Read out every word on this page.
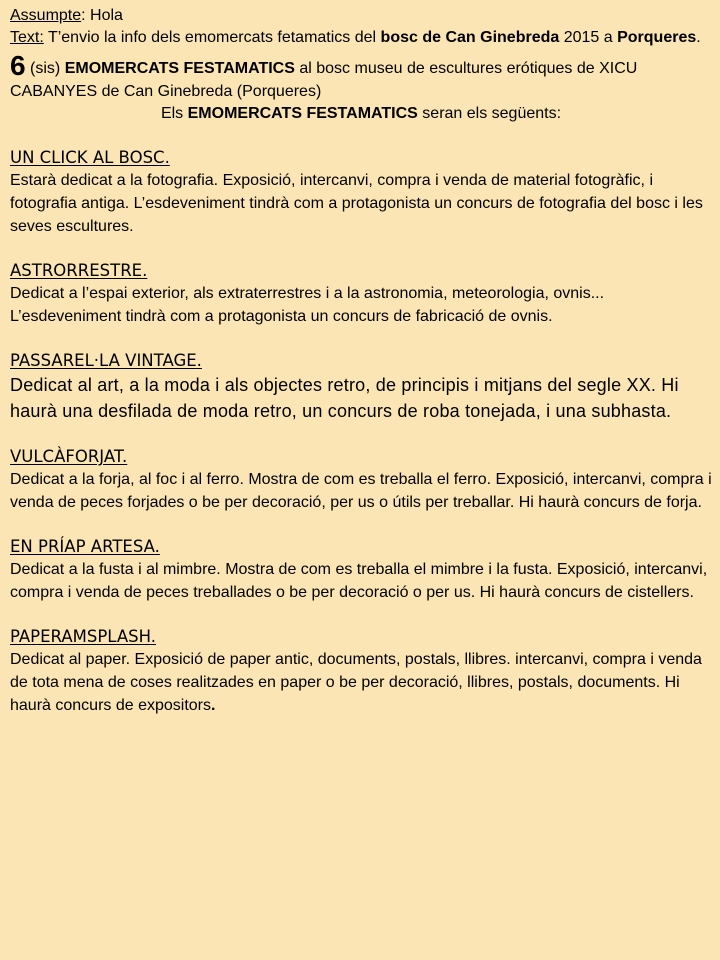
Assumpte: Hola

Text: T’envio la info dels emomercats fetamatics del bosc de Can Ginebreda 2015 a Porqueres.

6 (sis) EMOMERCATS FESTAMATICS al bosc museu de escultures erótiques de XICU CABANYES de Can Ginebreda (Porqueres)

Els EMOMERCATS FESTAMATICS seran els següents:

UN CLICK AL BOSC.

Estarà dedicat a la fotografia. Exposició, intercanvi, compra i venda de material fotogràfic, i fotografia antiga. L’esdeveniment tindrà com a protagonista un concurs de fotografia del bosc i les seves escultures.

ASTRORRESTRE.

Dedicat a l’espai exterior, als extraterrestres i a la astronomia, meteorologia, ovnis... L’esdeveniment tindrà com a protagonista un concurs de fabricació de ovnis.

PASSAREL·LA VINTAGE.

Dedicat al art, a la moda i als objectes retro, de principis i mitjans del segle XX. Hi haurà una desfilada de moda retro, un concurs de roba tonejada, i una subhasta.

VULCÀFORJAT.

Dedicat a la forja, al foc i al ferro. Mostra de com es treballa el ferro. Exposició, intercanvi, compra i venda de peces forjades o be per decoració, per us o útils per treballar. Hi haurà concurs de forja.

EN PRÍAP ARTESA.

Dedicat a la fusta i al mimbre. Mostra de com es treballa el mimbre i la fusta. Exposició, intercanvi, compra i venda de peces treballades o be per decoració o per us. Hi haurà concurs de cistellers.

PAPERAMSPLASH.

Dedicat al paper. Exposició de paper antic, documents, postals, llibres. intercanvi, compra i venda de tota mena de coses realitzades en paper o be per decoració, llibres, postals, documents. Hi haurà concurs de expositors.
